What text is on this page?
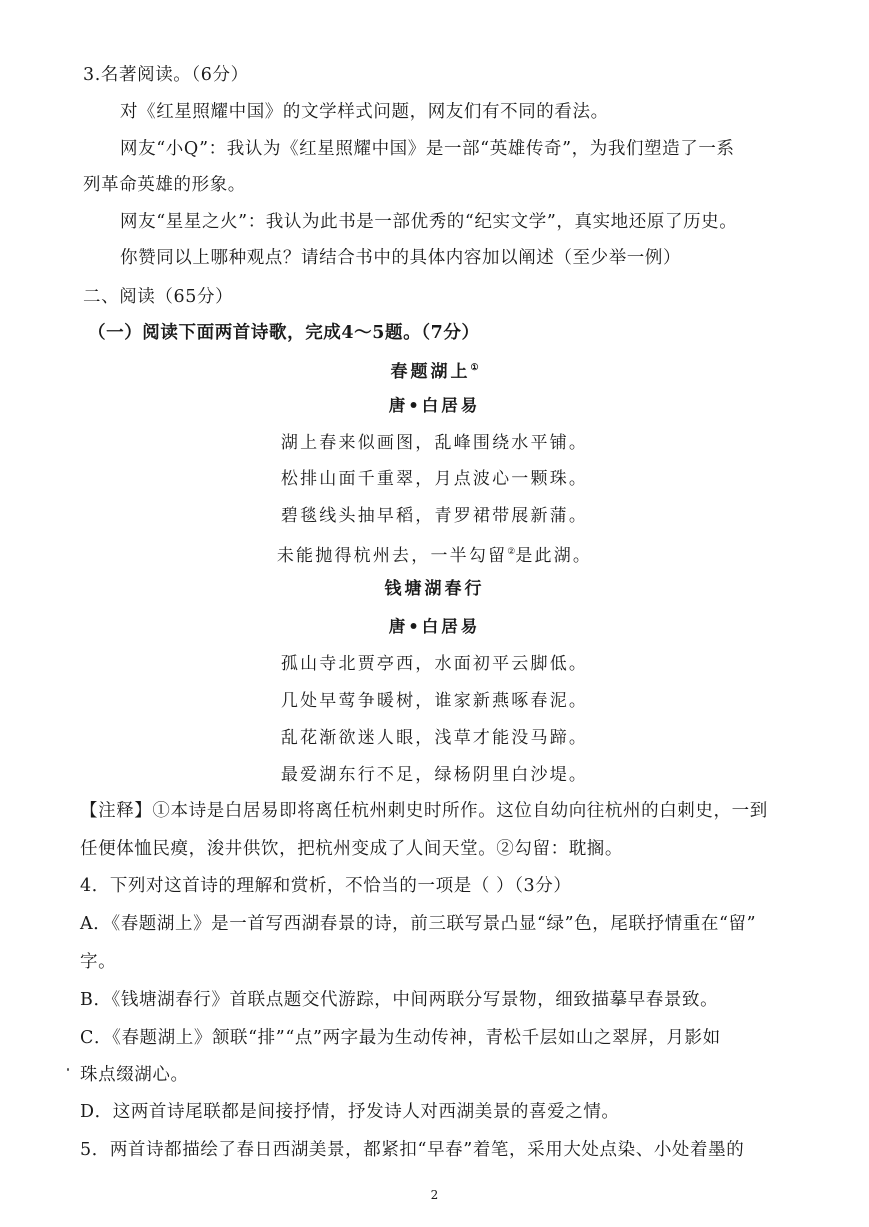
3.名著阅读。（6分）
对《红星照耀中国》的文学样式问题，网友们有不同的看法。
网友“小Q”：我认为《红星照耀中国》是一部“英雄传奇”，为我们塑造了一系
列革命英雄的形象。
网友“星星之火”：我认为此书是一部优秀的“纪实文学”，真实地还原了历史。
你赞同以上哪种观点？请结合书中的具体内容加以阐述（至少举一例）
二、阅读（65分）
（一）阅读下面两首诗歌，完成4～5题。（7分）
春题湖上①
唐•白居易
湖上春来似画图，乱峰围绕水平铺。
松排山面千重翠，月点波心一颗珠。
碧毯线头抽早稻，青罗裙带展新蒲。
未能抛得杭州去，一半勾留②是此湖。
钱塘湖春行
唐•白居易
孤山寺北贾亭西，水面初平云脚低。
几处早莺争暖树，谁家新燕啄春泥。
乱花渐欲迷人眼，浅草才能没马蹄。
最爱湖东行不足，绿杨阴里白沙堤。
【注释】①本诗是白居易即将离任杭州刺史时所作。这位自幼向往杭州的白刺史，一到
任便体恤民瘼，浚井供饮，把杭州变成了人间天堂。②勾留：耽搁。
4．下列对这首诗的理解和赏析，不恰当的一项是（ ）（3分）
A．《春题湖上》是一首写西湖春景的诗，前三联写景凸显“绿”色，尾联抒情重在“留”
字。
B．《钱塘湖春行》首联点题交代游踪，中间两联分写景物，细致描摹早春景致。
C．《春题湖上》颔联“排”“点”两字最为生动传神，青松千层如山之翠屏，月影如
珠点缀湖心。
D．这两首诗尾联都是间接抒情，抒发诗人对西湖美景的喜爱之情。
5．两首诗都描绘了春日西湖美景，都紧扣“早春”着笔，采用大处点染、小处着墨的
2
